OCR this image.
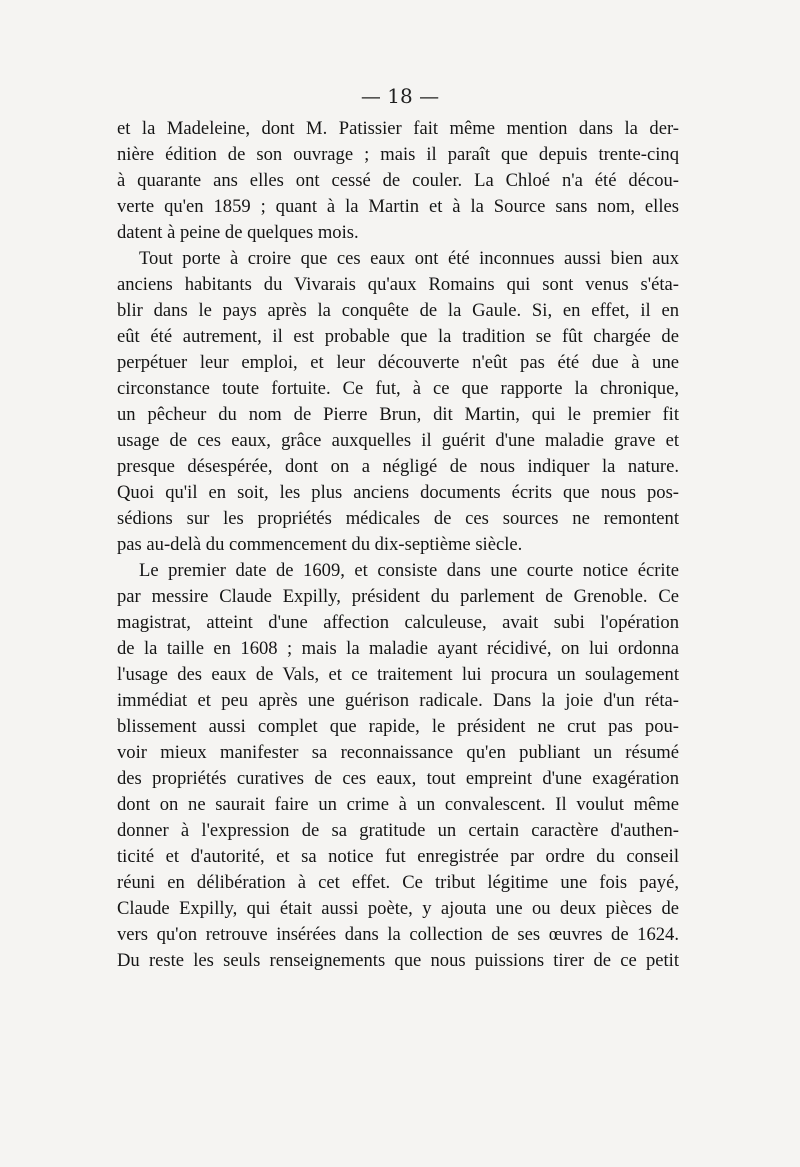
— 18 —

et la Madeleine, dont M. Patissier fait même mention dans la der-
nière édition de son ouvrage ; mais il paraît que depuis trente-cinq
à quarante ans elles ont cessé de couler. La Chloé n'a été décou-
verte qu'en 1859 ; quant à la Martin et à la Source sans nom, elles
datent à peine de quelques mois.

Tout porte à croire que ces eaux ont été inconnues aussi bien aux
anciens habitants du Vivarais qu'aux Romains qui sont venus s'éta-
blir dans le pays après la conquête de la Gaule. Si, en effet, il en
eût été autrement, il est probable que la tradition se fût chargée de
perpétuer leur emploi, et leur découverte n'eût pas été due à une
circonstance toute fortuite. Ce fut, à ce que rapporte la chronique,
un pêcheur du nom de Pierre Brun, dit Martin, qui le premier fit
usage de ces eaux, grâce auxquelles il guérit d'une maladie grave et
presque désespérée, dont on a négligé de nous indiquer la nature.
Quoi qu'il en soit, les plus anciens documents écrits que nous pos-
sédions sur les propriétés médicales de ces sources ne remontent
pas au-delà du commencement du dix-septième siècle.

Le premier date de 1609, et consiste dans une courte notice écrite
par messire Claude Expilly, président du parlement de Grenoble. Ce
magistrat, atteint d'une affection calculeuse, avait subi l'opération
de la taille en 1608 ; mais la maladie ayant récidivé, on lui ordonna
l'usage des eaux de Vals, et ce traitement lui procura un soulagement
immédiat et peu après une guérison radicale. Dans la joie d'un réta-
blissement aussi complet que rapide, le président ne crut pas pou-
voir mieux manifester sa reconnaissance qu'en publiant un résumé
des propriétés curatives de ces eaux, tout empreint d'une exagération
dont on ne saurait faire un crime à un convalescent. Il voulut même
donner à l'expression de sa gratitude un certain caractère d'authen-
ticité et d'autorité, et sa notice fut enregistrée par ordre du conseil
réuni en délibération à cet effet. Ce tribut légitime une fois payé,
Claude Expilly, qui était aussi poète, y ajouta une ou deux pièces de
vers qu'on retrouve insérées dans la collection de ses œuvres de 1624.
Du reste les seuls renseignements que nous puissions tirer de ce petit
